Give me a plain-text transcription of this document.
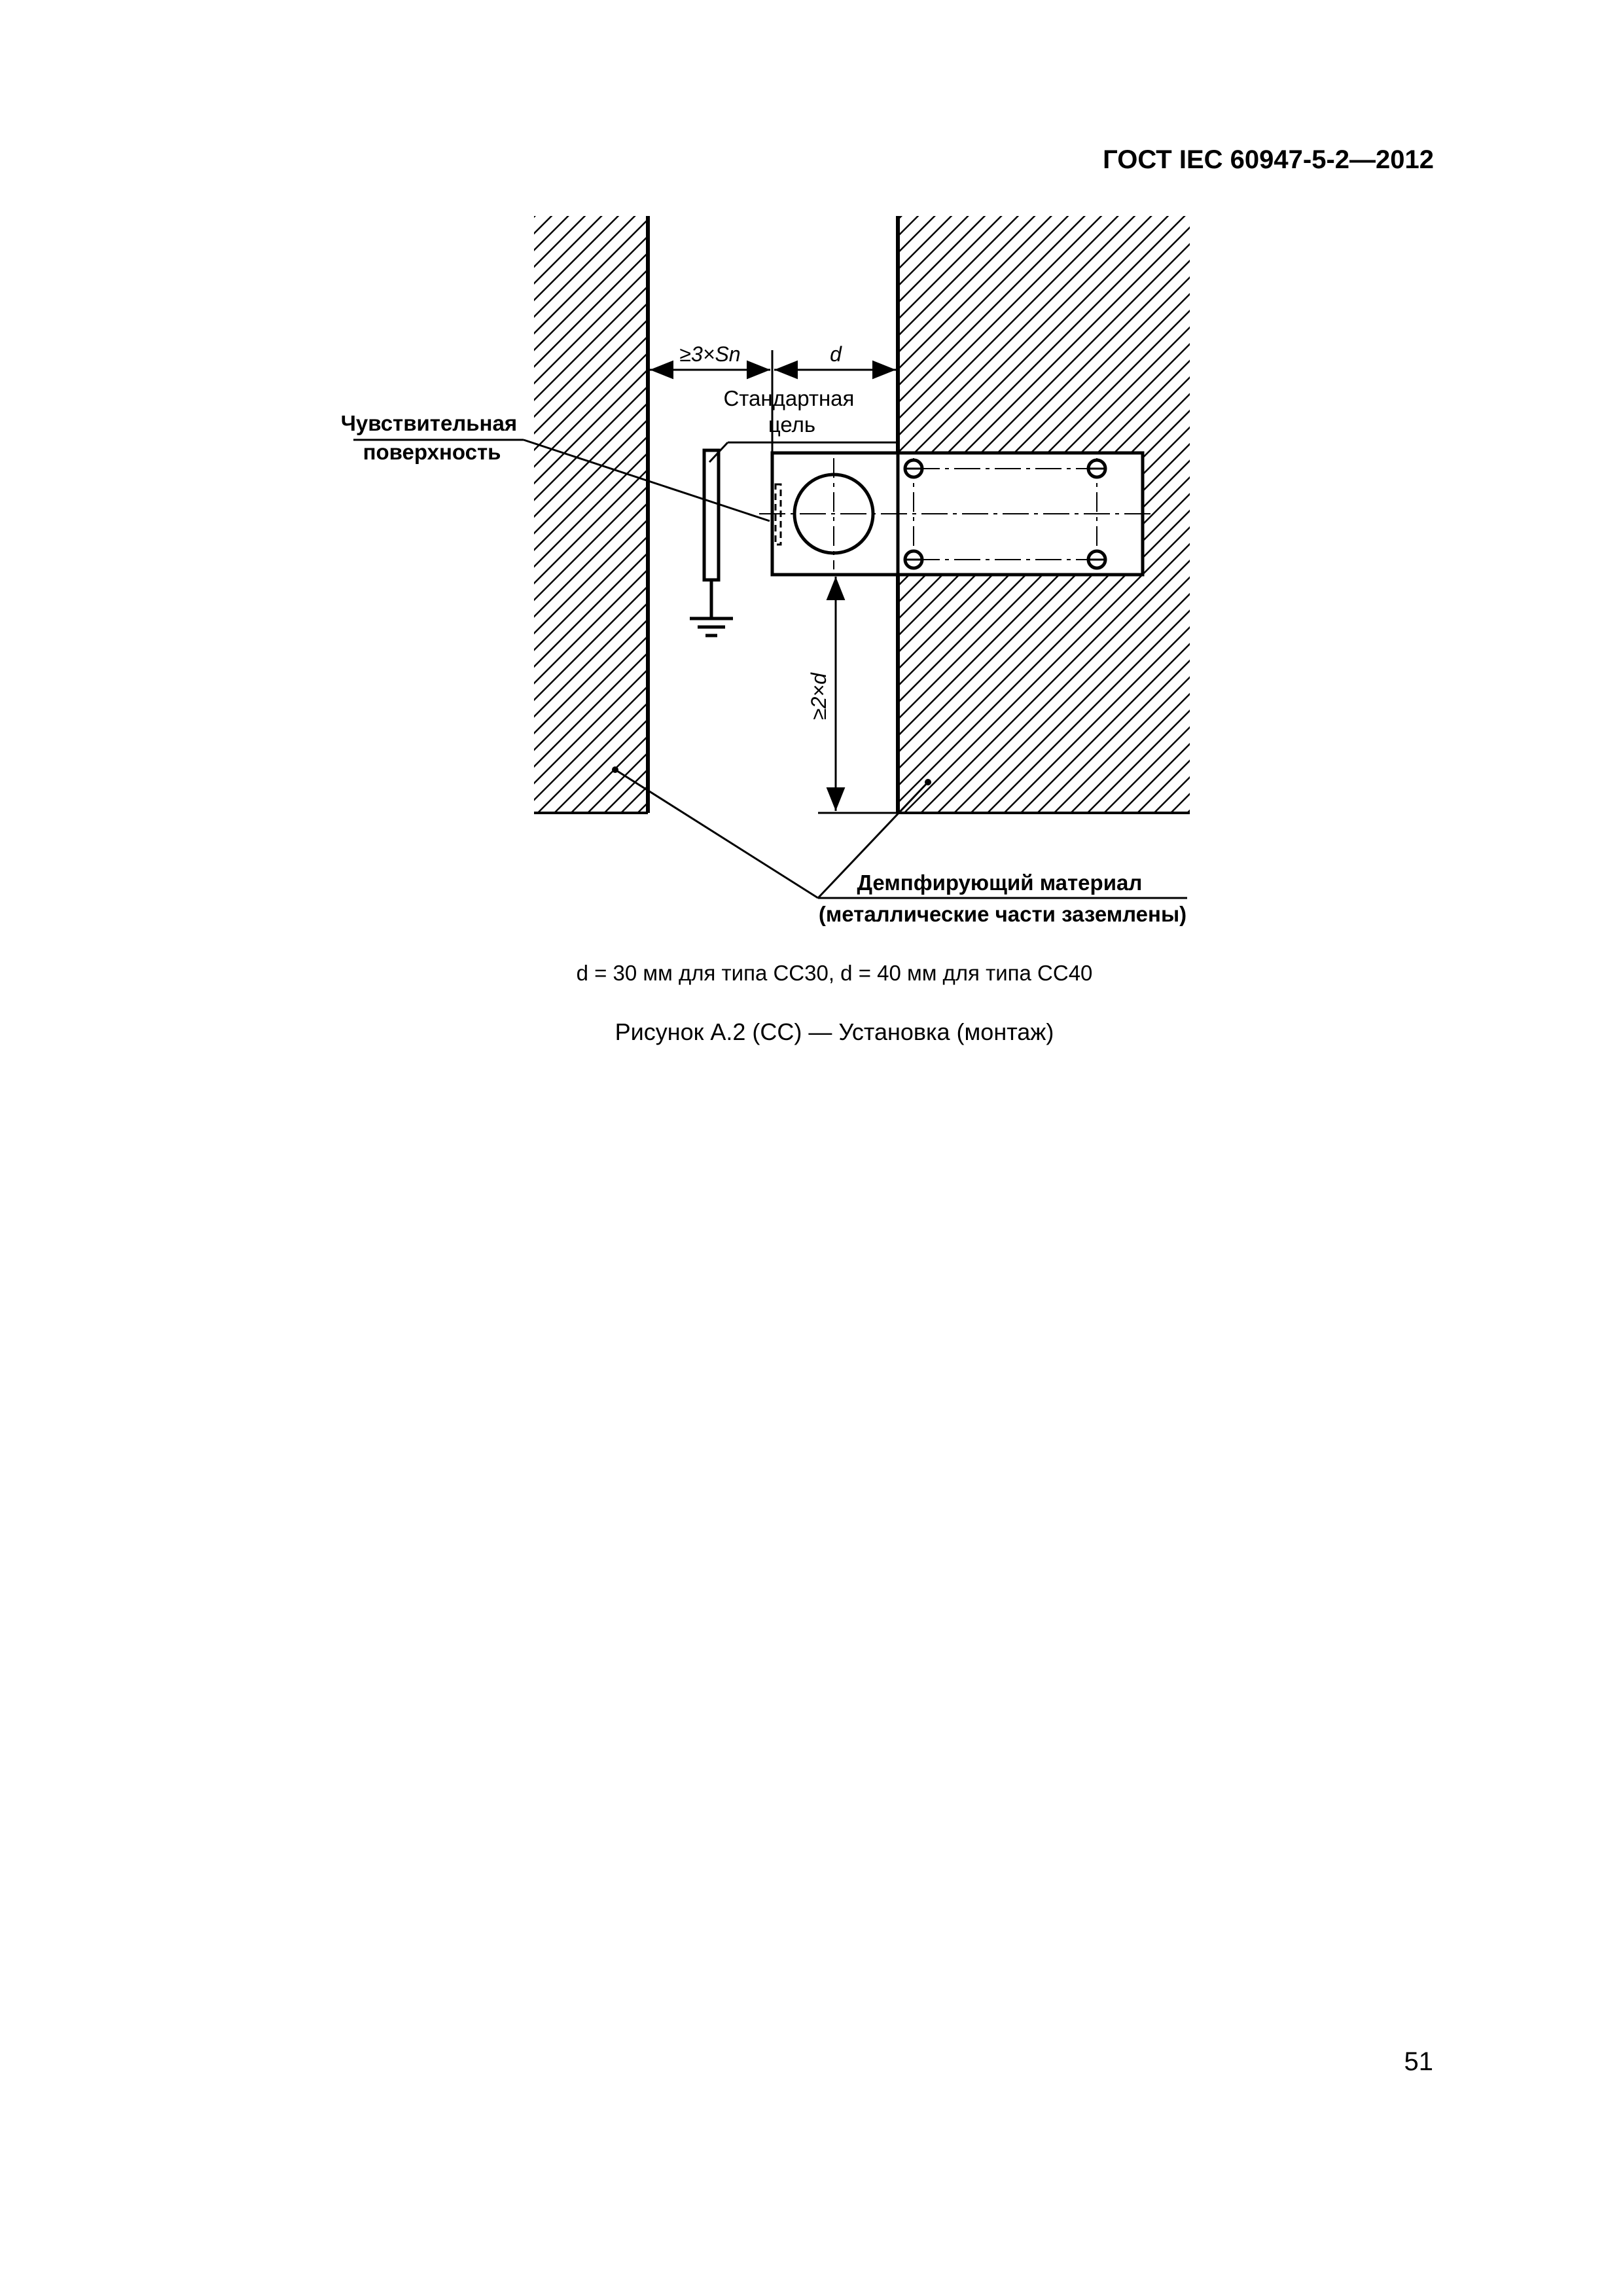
ГОСТ IEC 60947-5-2—2012
≥3×Sn	d
≥2×d
Чувствительная поверхность
Стандартная цель
Демпфирующий материал (металлические части заземлены)
d = 30 мм для типа CC30, d = 40 мм для типа CC40
Рисунок А.2 (CC) — Установка (монтаж)
51
